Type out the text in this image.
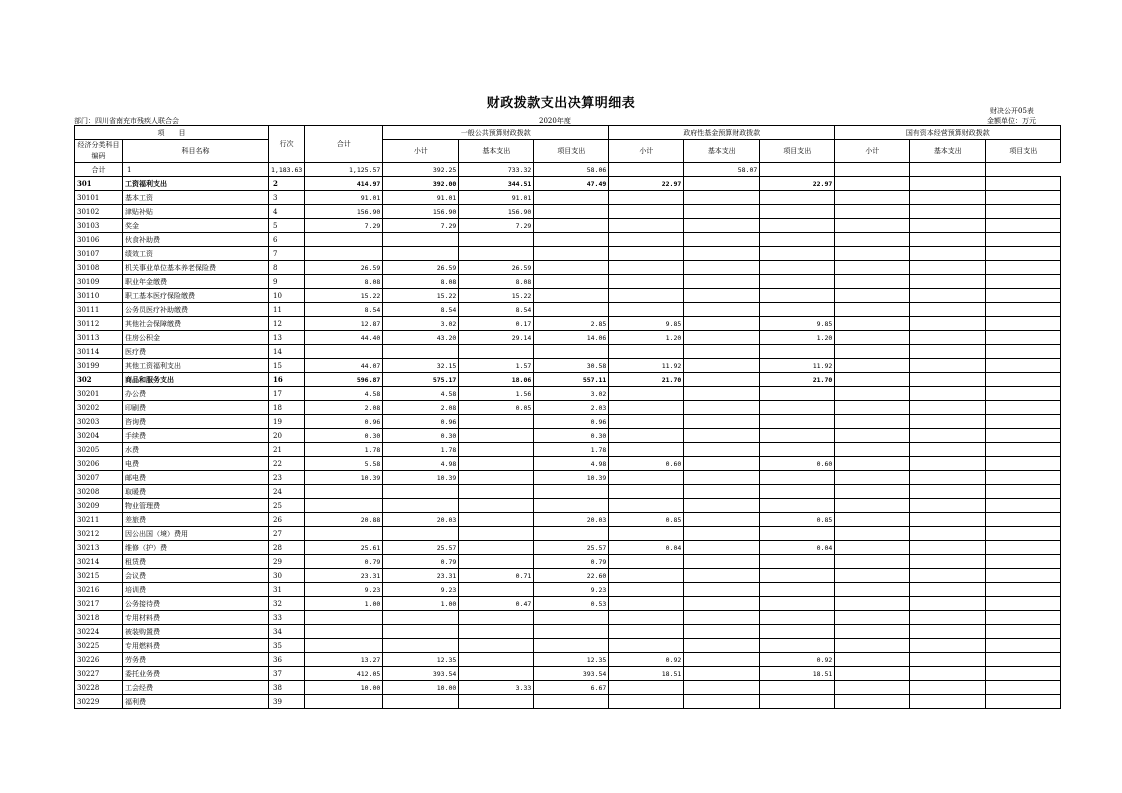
财政拨款支出决算明细表	财决公开05表
部门：四川省南充市残疾人联合会	2020年度	金额单位：万元
项　　目		行次	合计	一般公共预算财政拨款			政府性基金预算财政拨款			国有资本经营预算财政拨款		
经济分类科目编码	科目名称			小计	基本支出	项目支出	小计	基本支出	项目支出	小计	基本支出	项目支出
合计	1	1,183.63	1,125.57	392.25	733.32	58.06		58.07				
301	工资福利支出	2	414.97	392.00	344.51	47.49	22.97		22.97			
30101	基本工资	3	91.01	91.01	91.01							
30102	津贴补贴	4	156.90	156.90	156.90							
30103	奖金	5	7.29	7.29	7.29							
30106	伙食补助费	6										
30107	绩效工资	7										
30108	机关事业单位基本养老保险费	8	26.59	26.59	26.59							
30109	职业年金缴费	9	8.08	8.08	8.08							
30110	职工基本医疗保险缴费	10	15.22	15.22	15.22							
30111	公务员医疗补助缴费	11	8.54	8.54	8.54							
30112	其他社会保障缴费	12	12.87	3.02	0.17	2.85	9.85		9.85			
30113	住房公积金	13	44.40	43.20	29.14	14.06	1.20		1.20			
30114	医疗费	14										
30199	其他工资福利支出	15	44.07	32.15	1.57	30.58	11.92		11.92			
302	商品和服务支出	16	596.87	575.17	18.06	557.11	21.70		21.70			
30201	办公费	17	4.58	4.58	1.56	3.02						
30202	印刷费	18	2.08	2.08	0.05	2.03						
30203	咨询费	19	0.96	0.96		0.96						
30204	手续费	20	0.30	0.30		0.30						
30205	水费	21	1.78	1.78		1.78						
30206	电费	22	5.58	4.98		4.98	0.60		0.60			
30207	邮电费	23	10.39	10.39		10.39						
30208	取暖费	24										
30209	物业管理费	25										
30211	差旅费	26	20.88	20.03		20.03	0.85		0.85			
30212	因公出国（境）费用	27										
30213	维修（护）费	28	25.61	25.57		25.57	0.04		0.04			
30214	租赁费	29	0.79	0.79		0.79						
30215	会议费	30	23.31	23.31	0.71	22.60						
30216	培训费	31	9.23	9.23		9.23						
30217	公务接待费	32	1.00	1.00	0.47	0.53						
30218	专用材料费	33										
30224	被装购置费	34										
30225	专用燃料费	35										
30226	劳务费	36	13.27	12.35		12.35	0.92		0.92			
30227	委托业务费	37	412.05	393.54		393.54	18.51		18.51			
30228	工会经费	38	10.00	10.00	3.33	6.67						
30229	福利费	39										
